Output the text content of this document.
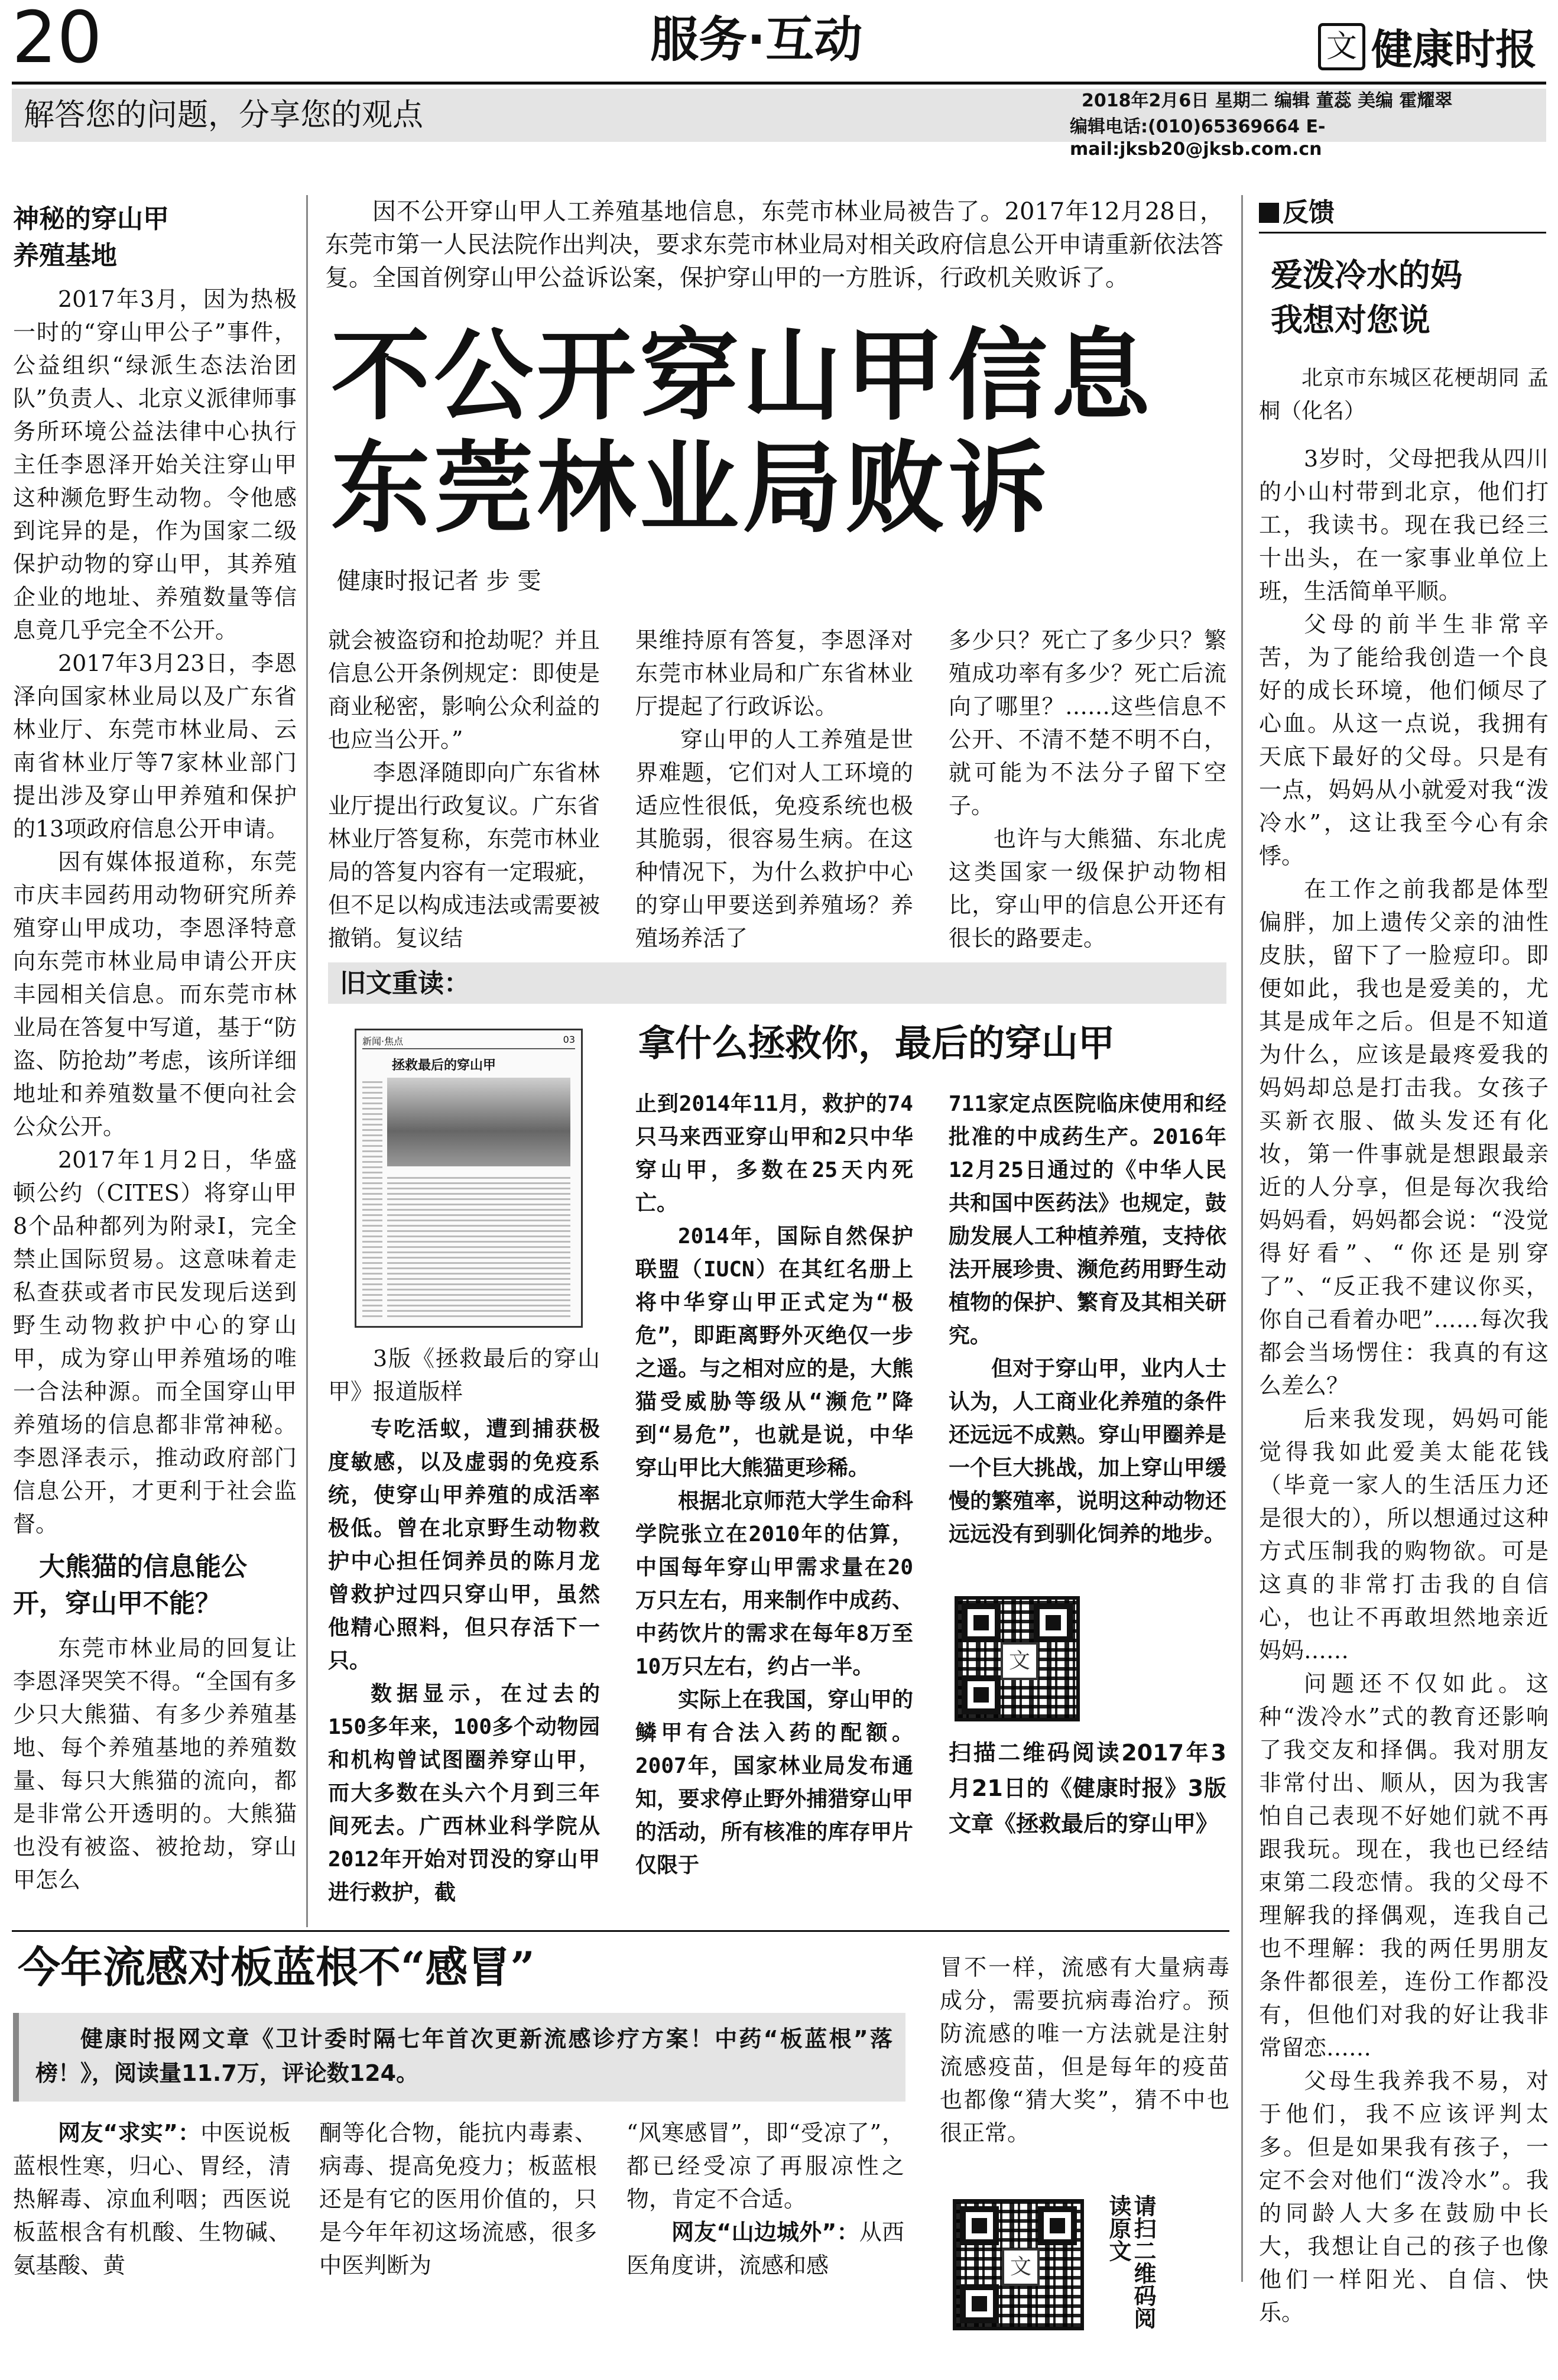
20	服务·互动	文 健康时报
解答您的问题，分享您的观点	2018年2月6日 星期二 编辑 董蕊 美编 霍耀翠
编辑电话:(010)65369664 E-mail:jksb20@jksb.com.cn
神秘的穿山甲
养殖基地

2017年3月，因为热极一时的“穿山甲公子”事件，公益组织“绿派生态法治团队”负责人、北京义派律师事务所环境公益法律中心执行主任李恩泽开始关注穿山甲这种濒危野生动物。令他感到诧异的是，作为国家二级保护动物的穿山甲，其养殖企业的地址、养殖数量等信息竟几乎完全不公开。

2017年3月23日，李恩泽向国家林业局以及广东省林业厅、东莞市林业局、云南省林业厅等7家林业部门提出涉及穿山甲养殖和保护的13项政府信息公开申请。

因有媒体报道称，东莞市庆丰园药用动物研究所养殖穿山甲成功，李恩泽特意向东莞市林业局申请公开庆丰园相关信息。而东莞市林业局在答复中写道，基于“防盗、防抢劫”考虑，该所详细地址和养殖数量不便向社会公众公开。

2017年1月2日，华盛顿公约（CITES）将穿山甲8个品种都列为附录I，完全禁止国际贸易。这意味着走私查获或者市民发现后送到野生动物救护中心的穿山甲，成为穿山甲养殖场的唯一合法种源。而全国穿山甲养殖场的信息都非常神秘。李恩泽表示，推动政府部门信息公开，才更利于社会监督。

大熊猫的信息能公开，穿山甲不能？

东莞市林业局的回复让李恩泽哭笑不得。“全国有多少只大熊猫、有多少养殖基地、每个养殖基地的养殖数量、每只大熊猫的流向，都是非常公开透明的。大熊猫也没有被盗、被抢劫，穿山甲怎么

因不公开穿山甲人工养殖基地信息，东莞市林业局被告了。2017年12月28日，东莞市第一人民法院作出判决，要求东莞市林业局对相关政府信息公开申请重新依法答复。全国首例穿山甲公益诉讼案，保护穿山甲的一方胜诉，行政机关败诉了。

不公开穿山甲信息
东莞林业局败诉
健康时报记者 步 雯

就会被盗窃和抢劫呢？并且信息公开条例规定：即使是商业秘密，影响公众利益的也应当公开。”

李恩泽随即向广东省林业厅提出行政复议。广东省林业厅答复称，东莞市林业局的答复内容有一定瑕疵，但不足以构成违法或需要被撤销。复议结

果维持原有答复，李恩泽对东莞市林业局和广东省林业厅提起了行政诉讼。

穿山甲的人工养殖是世界难题，它们对人工环境的适应性很低，免疫系统也极其脆弱，很容易生病。在这种情况下，为什么救护中心的穿山甲要送到养殖场？养殖场养活了

多少只？死亡了多少只？繁殖成功率有多少？死亡后流向了哪里？……这些信息不公开、不清不楚不明不白，就可能为不法分子留下空子。

也许与大熊猫、东北虎这类国家一级保护动物相比，穿山甲的信息公开还有很长的路要走。

旧文重读：
新闻·焦点	03
拯救最后的穿山甲

3版《拯救最后的穿山甲》报道版样

拿什么拯救你，最后的穿山甲

专吃活蚁，遭到捕获极度敏感，以及虚弱的免疫系统，使穿山甲养殖的成活率极低。曾在北京野生动物救护中心担任饲养员的陈月龙曾救护过四只穿山甲，虽然他精心照料，但只存活下一只。

数据显示，在过去的150多年来，100多个动物园和机构曾试图圈养穿山甲，而大多数在头六个月到三年间死去。广西林业科学院从2012年开始对罚没的穿山甲进行救护，截

止到2014年11月，救护的74只马来西亚穿山甲和2只中华穿山甲，多数在25天内死亡。

2014年，国际自然保护联盟（IUCN）在其红名册上将中华穿山甲正式定为“极危”，即距离野外灭绝仅一步之遥。与之相对应的是，大熊猫受威胁等级从“濒危”降到“易危”，也就是说，中华穿山甲比大熊猫更珍稀。

根据北京师范大学生命科学院张立在2010年的估算，中国每年穿山甲需求量在20万只左右，用来制作中成药、中药饮片的需求在每年8万至10万只左右，约占一半。

实际上在我国，穿山甲的鳞甲有合法入药的配额。2007年，国家林业局发布通知，要求停止野外捕猎穿山甲的活动，所有核准的库存甲片仅限于

711家定点医院临床使用和经批准的中成药生产。2016年12月25日通过的《中华人民共和国中医药法》也规定，鼓励发展人工种植养殖，支持依法开展珍贵、濒危药用野生动植物的保护、繁育及其相关研究。

但对于穿山甲，业内人士认为，人工商业化养殖的条件还远远不成熟。穿山甲圈养是一个巨大挑战，加上穿山甲缓慢的繁殖率，说明这种动物还远远没有到驯化饲养的地步。

文

扫描二维码阅读2017年3月21日的《健康时报》3版文章《拯救最后的穿山甲》

反馈
爱泼冷水的妈
我想对您说

北京市东城区花梗胡同 孟 桐（化名）

3岁时，父母把我从四川的小山村带到北京，他们打工，我读书。现在我已经三十出头，在一家事业单位上班，生活简单平顺。

父母的前半生非常辛苦，为了能给我创造一个良好的成长环境，他们倾尽了心血。从这一点说，我拥有天底下最好的父母。只是有一点，妈妈从小就爱对我“泼冷水”，这让我至今心有余悸。

在工作之前我都是体型偏胖，加上遗传父亲的油性皮肤，留下了一脸痘印。即便如此，我也是爱美的，尤其是成年之后。但是不知道为什么，应该是最疼爱我的妈妈却总是打击我。女孩子买新衣服、做头发还有化妆，第一件事就是想跟最亲近的人分享，但是每次我给妈妈看，妈妈都会说：“没觉得好看”、“你还是别穿了”、“反正我不建议你买，你自己看着办吧”……每次我都会当场愣住：我真的有这么差么？

后来我发现，妈妈可能觉得我如此爱美太能花钱（毕竟一家人的生活压力还是很大的），所以想通过这种方式压制我的购物欲。可是这真的非常打击我的自信心，也让不再敢坦然地亲近妈妈……

问题还不仅如此。这种“泼冷水”式的教育还影响了我交友和择偶。我对朋友非常付出、顺从，因为我害怕自己表现不好她们就不再跟我玩。现在，我也已经结束第二段恋情。我的父母不理解我的择偶观，连我自己也不理解：我的两任男朋友条件都很差，连份工作都没有，但他们对我的好让我非常留恋……

父母生我养我不易，对于他们，我不应该评判太多。但是如果我有孩子，一定不会对他们“泼冷水”。我的同龄人大多在鼓励中长大，我想让自己的孩子也像他们一样阳光、自信、快乐。

今年流感对板蓝根不“感冒”

健康时报网文章《卫计委时隔七年首次更新流感诊疗方案！中药“板蓝根”落榜！》，阅读量11.7万，评论数124。

网友“求实”：中医说板蓝根性寒，归心、胃经，清热解毒、凉血利咽；西医说板蓝根含有机酸、生物碱、氨基酸、黄

酮等化合物，能抗内毒素、病毒、提高免疫力；板蓝根还是有它的医用价值的，只是今年年初这场流感，很多中医判断为

“风寒感冒”，即“受凉了”，都已经受凉了再服凉性之物，肯定不合适。

网友“山边城外”：从西医角度讲，流感和感

冒不一样，流感有大量病毒成分，需要抗病毒治疗。预防流感的唯一方法就是注射流感疫苗，但是每年的疫苗也都像“猜大奖”，猜不中也很正常。

文	请扫二维码阅读原文
